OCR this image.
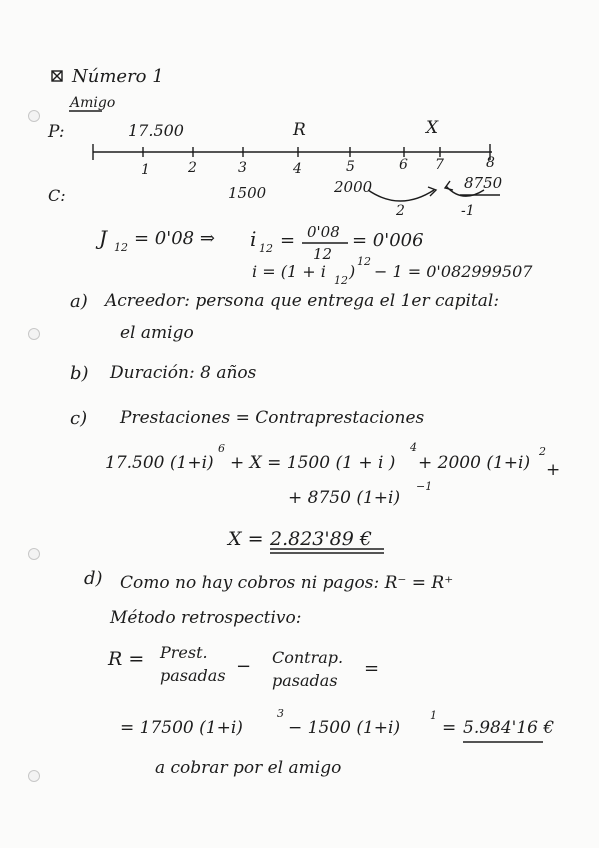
Número 1
Amigo
P:	17.500	R	X
1	2	3	4	5	6 7	8
C:	1500	2000	8750
2	-1
J 12 = 0'08 ⇒ i 12 = 0'08
12
= 0'006
i = (1 + i 12 )
12
− 1 = 0'082999507
a) Acreedor: persona que entrega el 1er capital:
el amigo
b) Duración: 8 años
c) Prestaciones = Contraprestaciones
17.500 (1+i)
6
+ X = 1500 (1 + i )
4
+ 2000 (1+i)
2
+
+ 8750 (1+i)
−1
X = 2.823'89 €
d) Como no hay cobros ni pagos: R⁻ = R⁺
Método retrospectivo:
R = Prest.
pasadas − Contrap.
pasadas
=
= 17500 (1+i)
3
− 1500 (1+i)
1
= 5.984'16 €
a cobrar por el amigo
